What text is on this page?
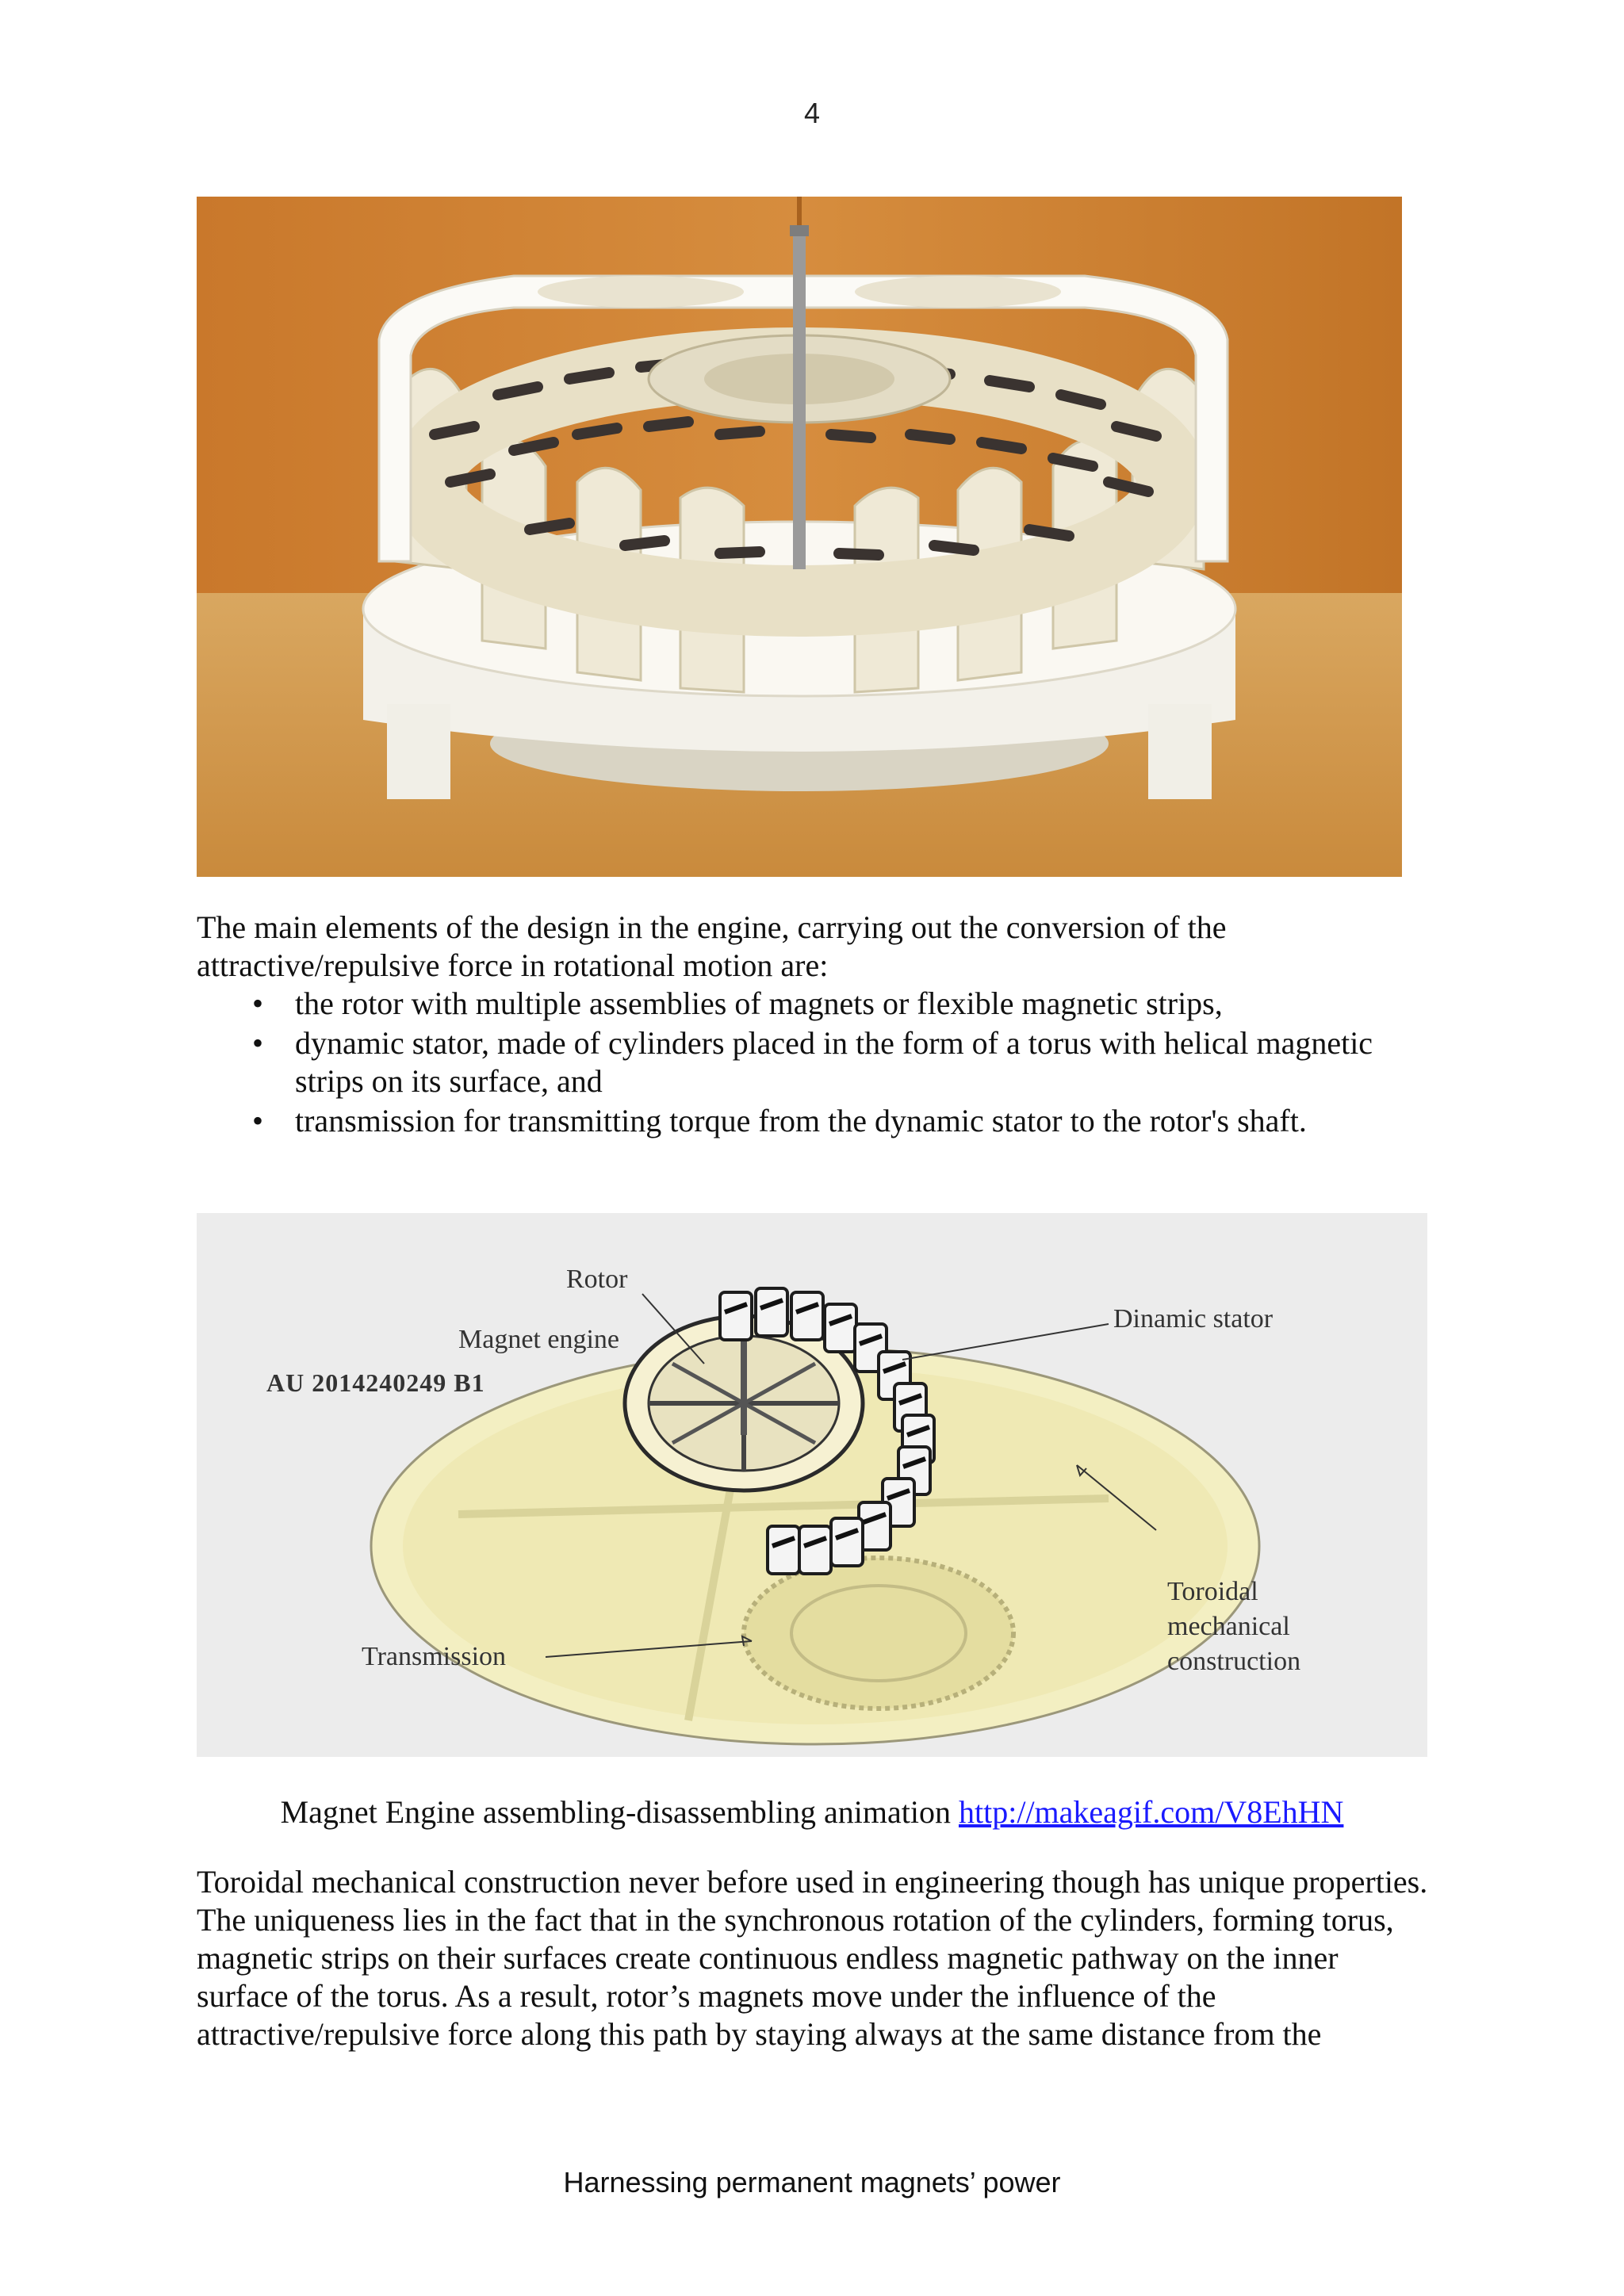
4

The main elements of the design in the engine, carrying out the conversion of the attractive/repulsive force in rotational motion are:

• the rotor with multiple assemblies of magnets or flexible magnetic strips,
• dynamic stator, made of cylinders placed in the form of a torus with helical magnetic strips on its surface, and
• transmission for transmitting torque from the dynamic stator to the rotor's shaft.
Magnet engine
AU 2014240249 B1
Rotor
Dinamic stator
Transmission
Toroidal
mechanical
construction
Magnet Engine assembling-disassembling animation http://makeagif.com/V8EhHN

Toroidal mechanical construction never before used in engineering though has unique properties. The uniqueness lies in the fact that in the synchronous rotation of the cylinders, forming torus, magnetic strips on their surfaces create continuous endless magnetic pathway on the inner surface of the torus. As a result, rotor’s magnets move under the influence of the attractive/repulsive force along this path by staying always at the same distance from the

Harnessing permanent magnets’ power
